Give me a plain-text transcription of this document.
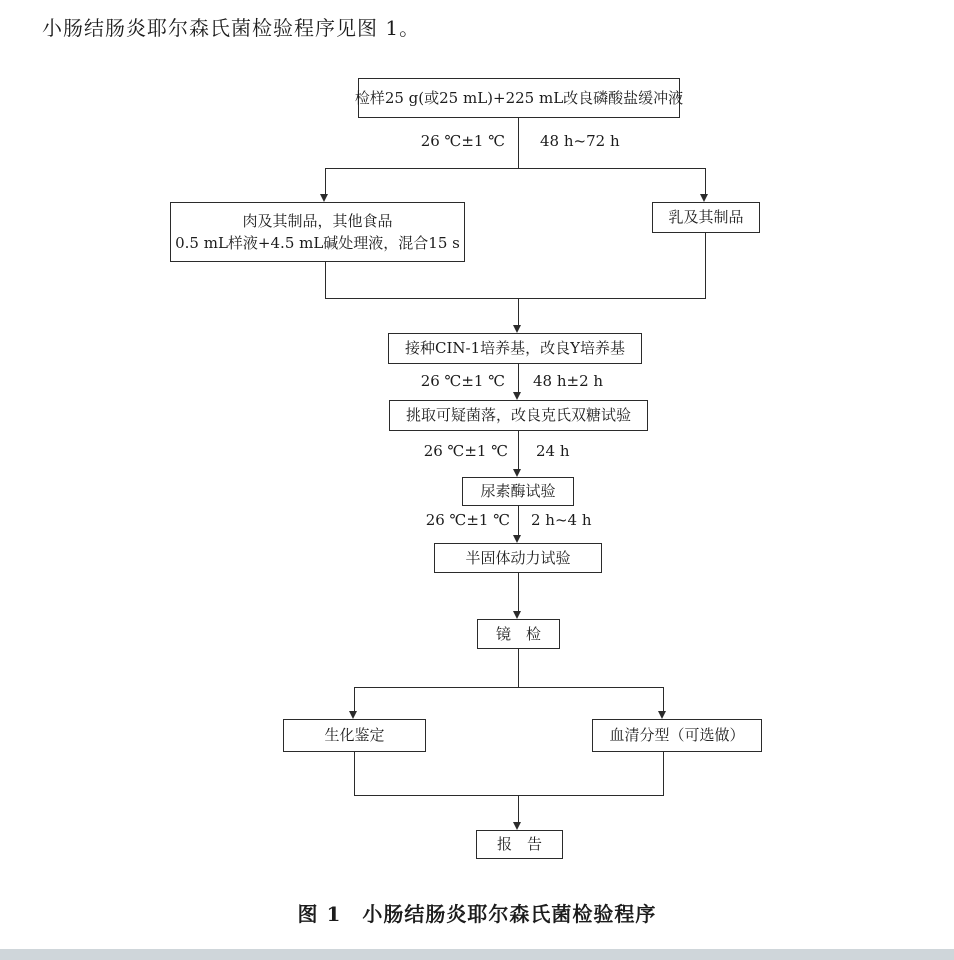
小肠结肠炎耶尔森氏菌检验程序见图 1。
检样25 g(或25 mL)+225 mL改良磷酸盐缓冲液
肉及其制品，其他食品
0.5 mL样液+4.5 mL碱处理液，混合15 s
乳及其制品
接种CIN-1培养基，改良Y培养基
挑取可疑菌落，改良克氏双糖试验
尿素酶试验
半固体动力试验
镜　检
生化鉴定	血清分型（可选做）
报　告
26 ℃±1 ℃ 48 h~72 h
26 ℃±1 ℃ 48 h±2 h
26 ℃±1 ℃ 24 h
26 ℃±1 ℃ 2 h~4 h
图 1　小肠结肠炎耶尔森氏菌检验程序
